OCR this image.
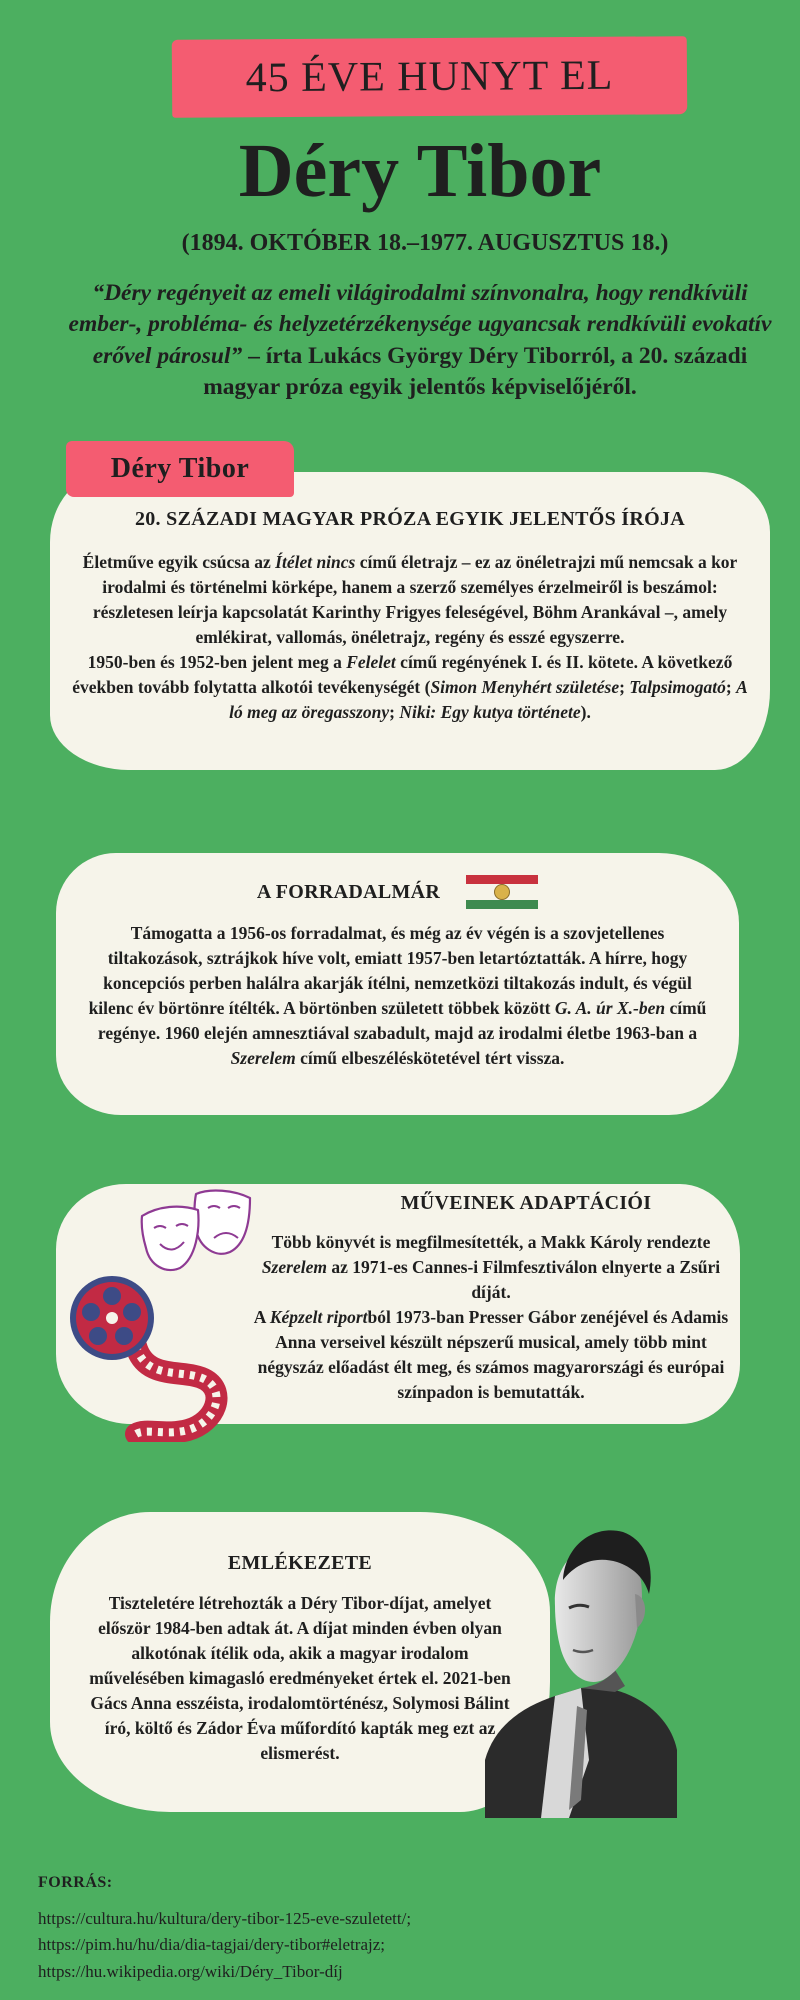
45 ÉVE HUNYT EL
Déry Tibor
(1894. OKTÓBER 18.–1977. AUGUSZTUS 18.)
“Déry regényeit az emeli világirodalmi színvonalra, hogy rendkívüli ember-, probléma- és helyzetérzékenysége ugyancsak rendkívüli evokatív erővel párosul” – írta Lukács György Déry Tiborról, a 20. századi magyar próza egyik jelentős képviselőjéről.
20. SZÁZADI MAGYAR PRÓZA EGYIK JELENTŐS ÍRÓJA
Életműve egyik csúcsa az Ítélet nincs című életrajz – ez az önéletrajzi mű nemcsak a kor irodalmi és történelmi körképe, hanem a szerző személyes érzelmeiről is beszámol: részletesen leírja kapcsolatát Karinthy Frigyes feleségével, Böhm Arankával –, amely emlékirat, vallomás, önéletrajz, regény és esszé egyszerre.
1950-ben és 1952-ben jelent meg a Felelet című regényének I. és II. kötete. A következő években tovább folytatta alkotói tevékenységét (Simon Menyhért születése; Talpsimogató; A ló meg az öregasszony; Niki: Egy kutya története).
Déry Tibor
A FORRADALMÁR
Támogatta a 1956-os forradalmat, és még az év végén is a szovjetellenes tiltakozások, sztrájkok híve volt, emiatt 1957-ben letartóztatták. A hírre, hogy koncepciós perben halálra akarják ítélni, nemzetközi tiltakozás indult, és végül kilenc év börtönre ítélték. A börtönben született többek között G. A. úr X.-ben című regénye. 1960 elején amnesztiával szabadult, majd az irodalmi életbe 1963-ban a Szerelem című elbeszéléskötetével tért vissza.
MŰVEINEK ADAPTÁCIÓI
Több könyvét is megfilmesítették, a Makk Károly rendezte Szerelem az 1971-es Cannes-i Filmfesztiválon elnyerte a Zsűri díját.
A Képzelt riportból 1973-ban Presser Gábor zenéjével és Adamis Anna verseivel készült népszerű musical, amely több mint négyszáz előadást élt meg, és számos magyarországi és európai színpadon is bemutatták.
EMLÉKEZETE
Tiszteletére létrehozták a Déry Tibor-díjat, amelyet először 1984-ben adtak át. A díjat minden évben olyan alkotónak ítélik oda, akik a magyar irodalom művelésében kimagasló eredményeket értek el. 2021-ben Gács Anna esszéista, irodalomtörténész, Solymosi Bálint író, költő és Zádor Éva műfordító kapták meg ezt az elismerést.
FORRÁS:
https://cultura.hu/kultura/dery-tibor-125-eve-szuletett/;
https://pim.hu/hu/dia/dia-tagjai/dery-tibor#eletrajz;
https://hu.wikipedia.org/wiki/Déry_Tibor-díj
